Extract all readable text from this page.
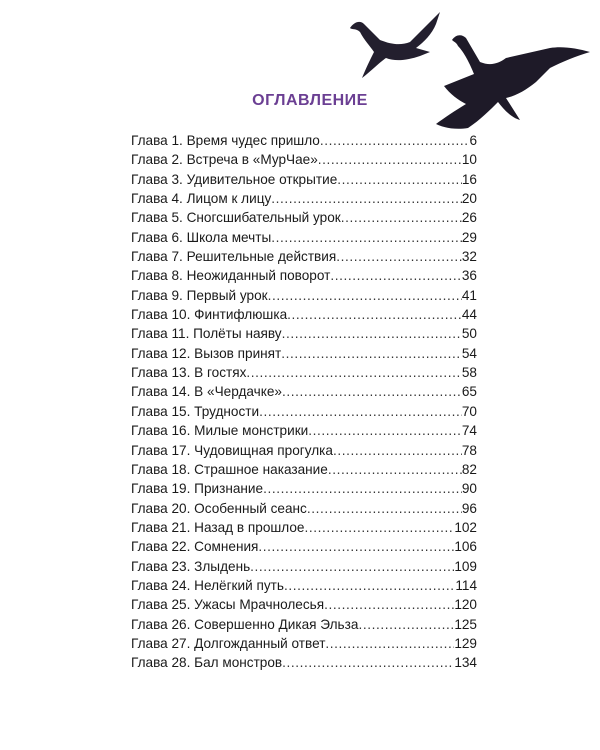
ОГЛАВЛЕНИЕ
Глава 1. Время чудес пришло .....	6
Глава 2. Встреча в «МурЧае» .....	10
Глава 3. Удивительное открытие .....	16
Глава 4. Лицом к лицу .....	20
Глава 5. Сногсшибательный урок .....	26
Глава 6. Школа мечты .....	29
Глава 7. Решительные действия .....	32
Глава 8. Неожиданный поворот .....	36
Глава 9. Первый урок .....	41
Глава 10. Финтифлюшка .....	44
Глава 11. Полёты наяву .....	50
Глава 12. Вызов принят .....	54
Глава 13. В гостях .....	58
Глава 14. В «Чердачке» .....	65
Глава 15. Трудности .....	70
Глава 16. Милые монстрики .....	74
Глава 17. Чудовищная прогулка .....	78
Глава 18. Страшное наказание .....	82
Глава 19. Признание .....	90
Глава 20. Особенный сеанс .....	96
Глава 21. Назад в прошлое .....	102
Глава 22. Сомнения .....	106
Глава 23. Злыдень .....	109
Глава 24. Нелёгкий путь .....	114
Глава 25. Ужасы Мрачнолесья .....	120
Глава 26. Совершенно Дикая Эльза .....	125
Глава 27. Долгожданный ответ .....	129
Глава 28. Бал монстров .....	134
